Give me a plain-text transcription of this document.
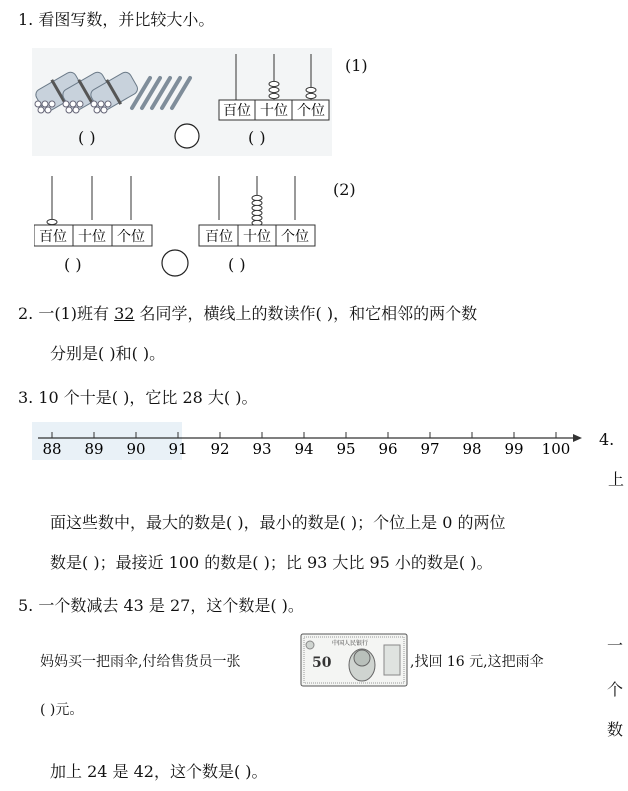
1. 看图写数，并比较大小。
百位 十位 个位
(1)
( )	( )
百位 十位 个位	百位 十位 个位
(2)
( )	( )
2. 一(1)班有 32 名同学，横线上的数读作( )，和它相邻的两个数
分别是( )和( )。
3. 10 个十是( )，它比 28 大( )。
88 89 90 91 92 93 94 95 96 97 98 99 100 4.
上
面这些数中，最大的数是( )，最小的数是( )；个位上是 0 的两位
数是( )；最接近 100 的数是( )；比 93 大比 95 小的数是( )。
5. 一个数减去 43 是 27，这个数是( )。
妈妈买一把雨伞,付给售货员一张
中国人民银行
50	,找回 16 元,这把雨伞
( )元。
一
个
数
加上 24 是 42，这个数是( )。
